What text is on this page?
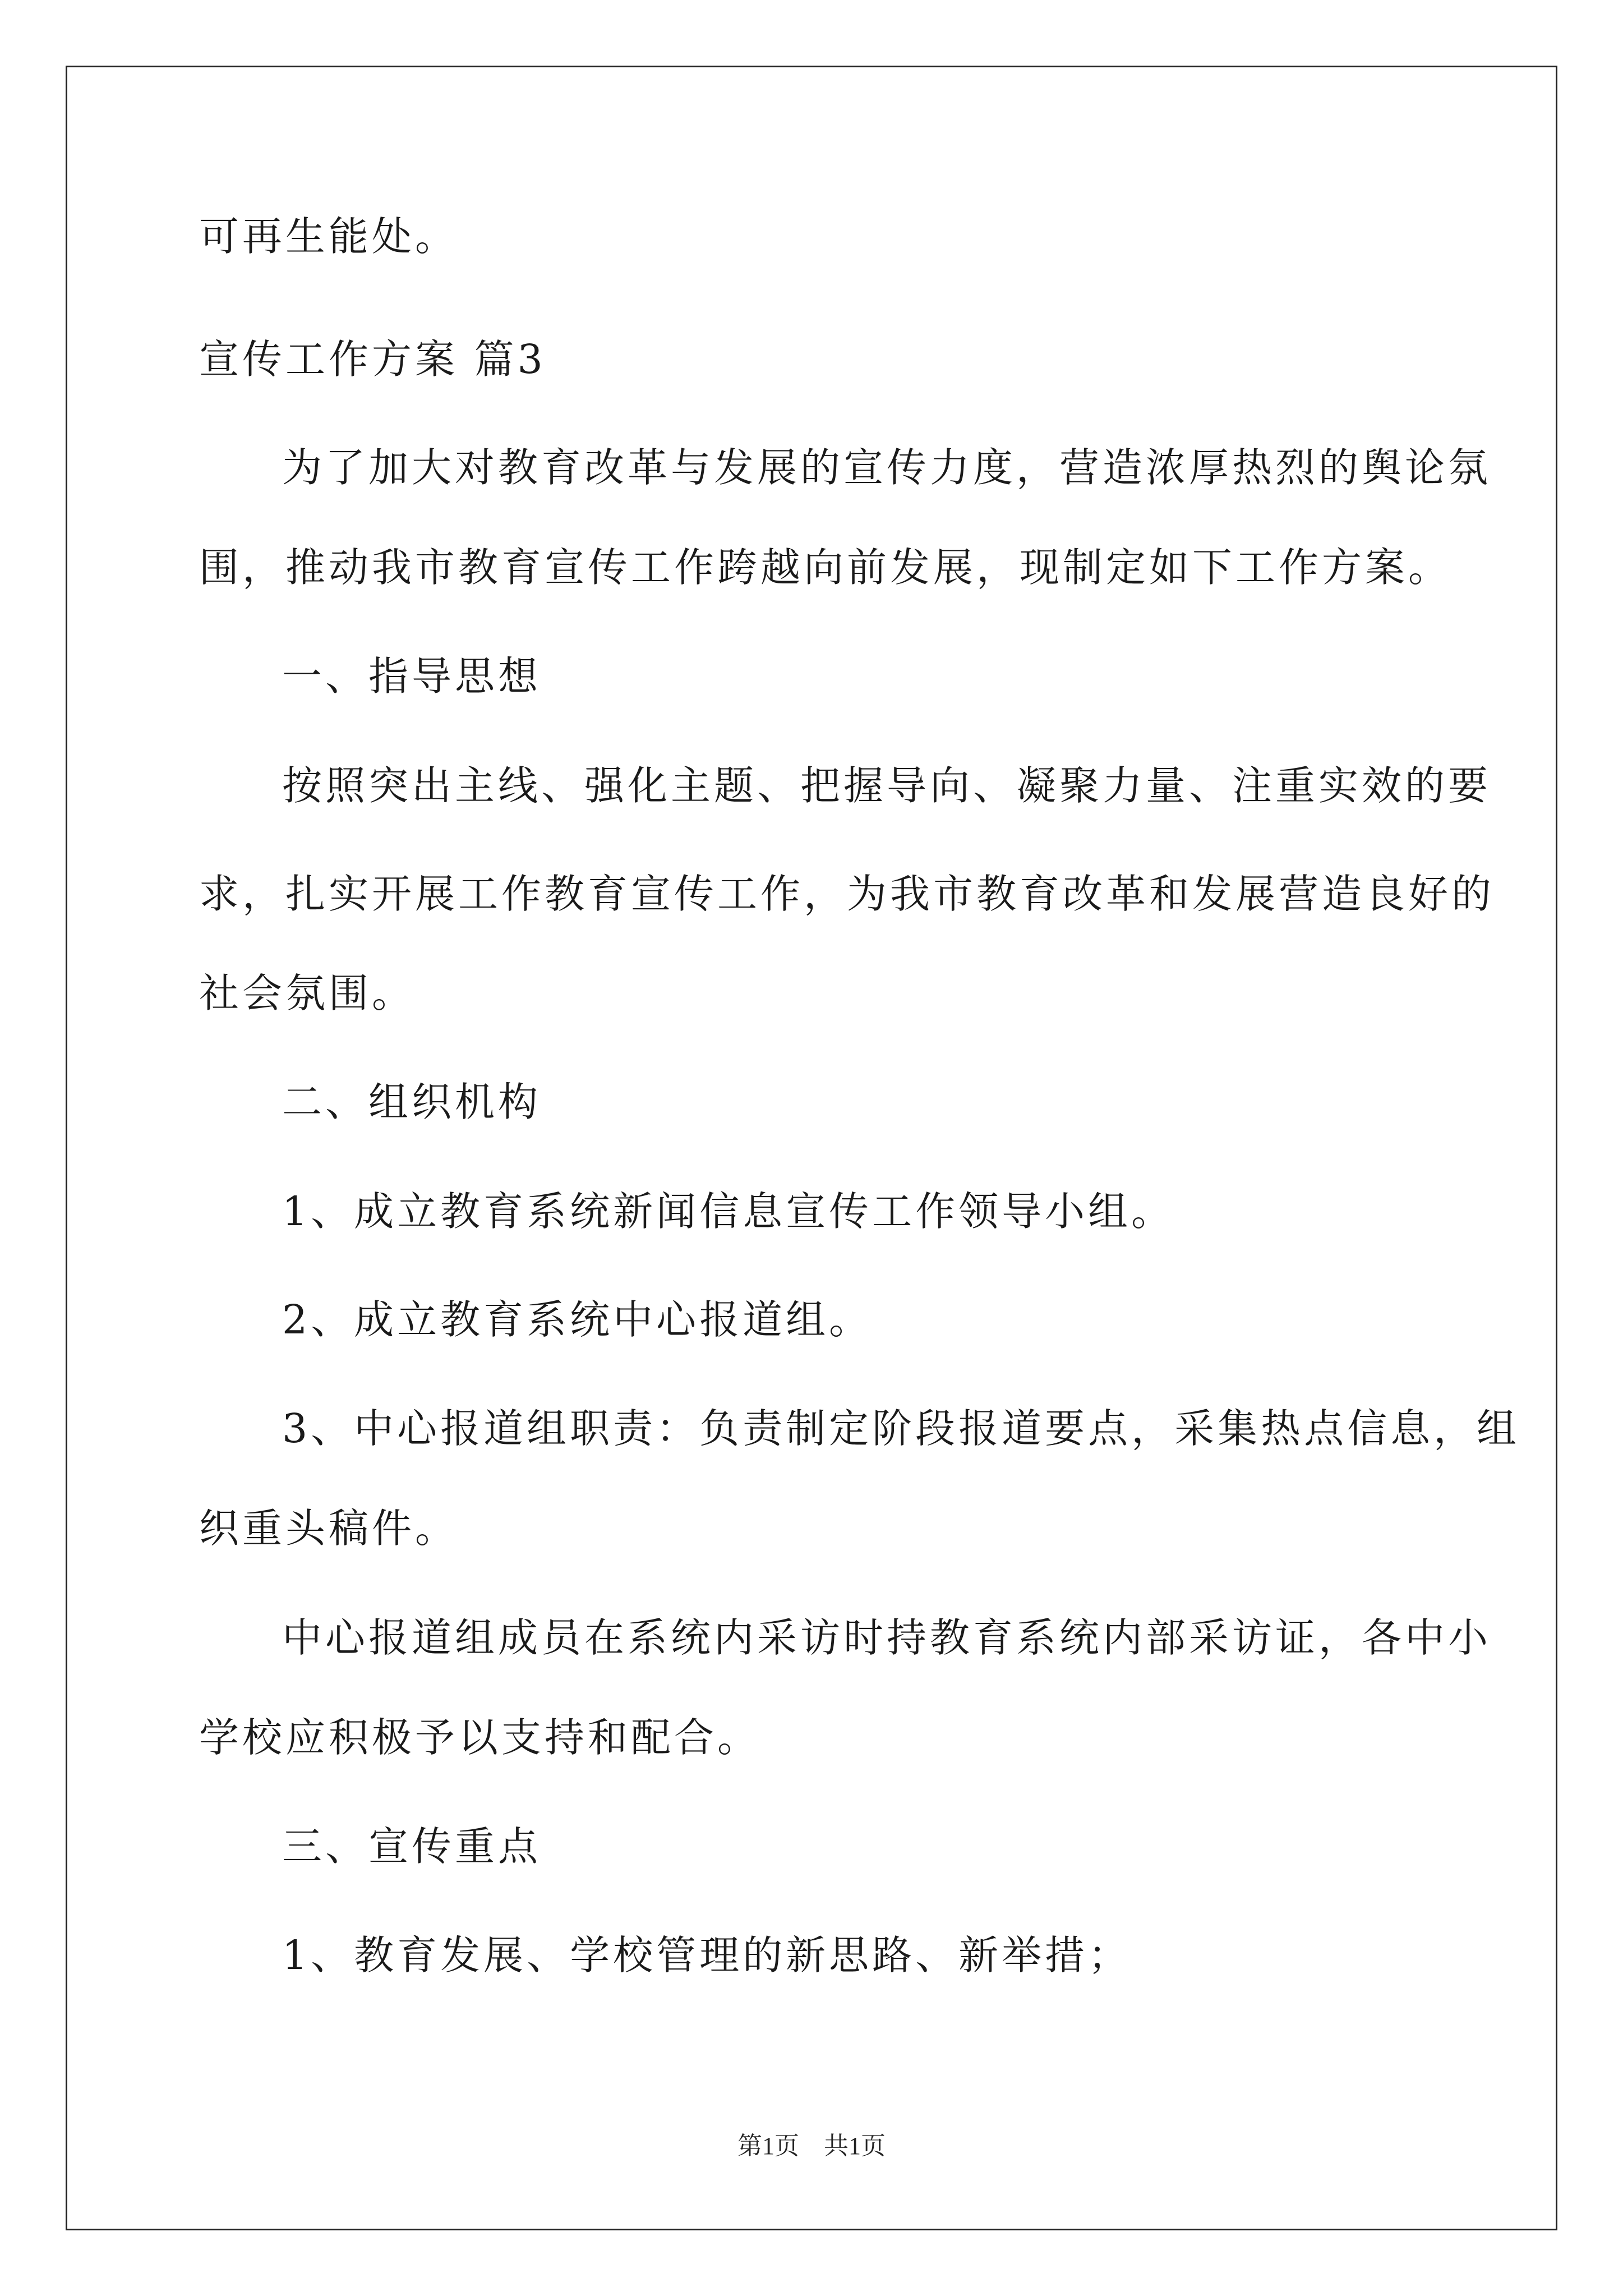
可再生能处。
宣传工作方案 篇3
为了加大对教育改革与发展的宣传力度，营造浓厚热烈的舆论氛
围，推动我市教育宣传工作跨越向前发展，现制定如下工作方案。
一、指导思想
按照突出主线、强化主题、把握导向、凝聚力量、注重实效的要
求，扎实开展工作教育宣传工作，为我市教育改革和发展营造良好的
社会氛围。
二、组织机构
1、成立教育系统新闻信息宣传工作领导小组。
2、成立教育系统中心报道组。
3、中心报道组职责：负责制定阶段报道要点，采集热点信息，组
织重头稿件。
中心报道组成员在系统内采访时持教育系统内部采访证，各中小
学校应积极予以支持和配合。
三、宣传重点
1、教育发展、学校管理的新思路、新举措；
第1页　共1页
